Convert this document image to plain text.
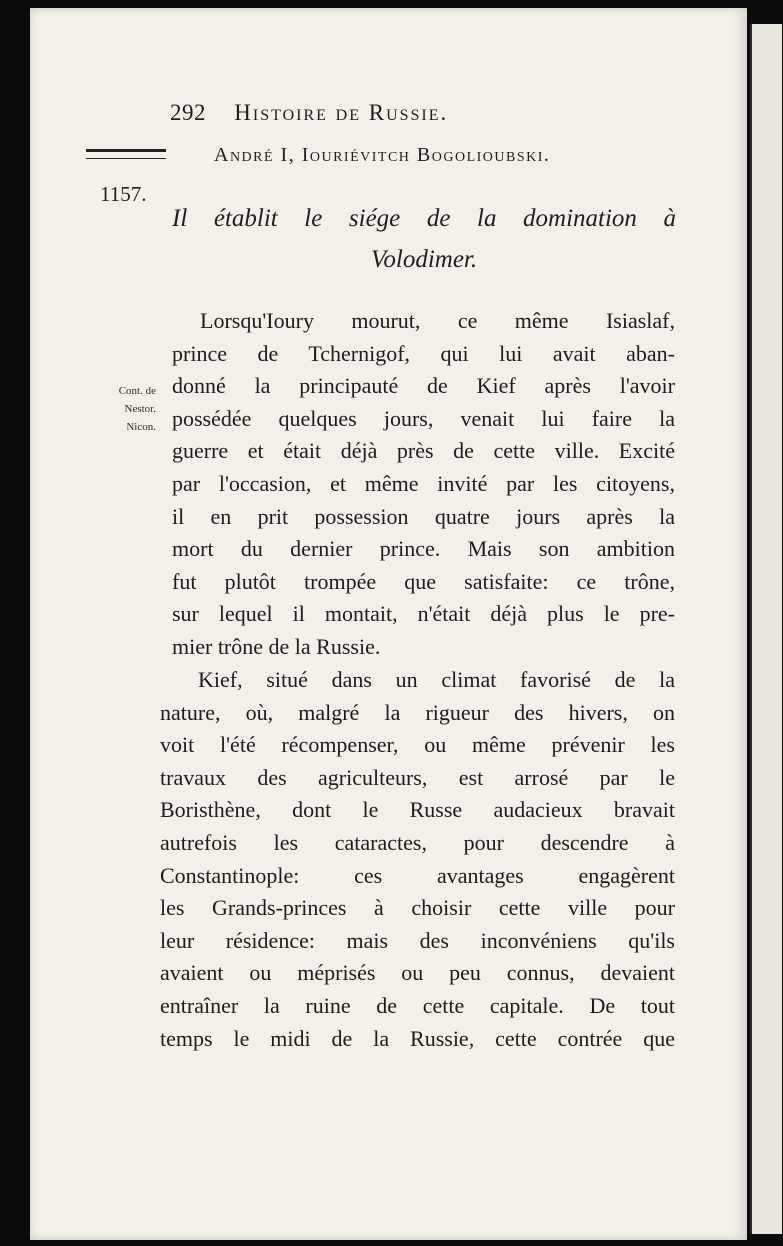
292 Histoire de Russie.
André I, Iouriévitch Bogolioubski.
1157.
Il établit le siége de la domination à
Volodimer.
Cont. de
Nestor.
Nicon.
Lorsqu'Ioury mourut, ce même Isiaslaf,
prince de Tchernigof, qui lui avait aban-
donné la principauté de Kief après l'avoir
possédée quelques jours, venait lui faire la
guerre et était déjà près de cette ville. Excité
par l'occasion, et même invité par les citoyens,
il en prit possession quatre jours après la
mort du dernier prince. Mais son ambition
fut plutôt trompée que satisfaite: ce trône,
sur lequel il montait, n'était déjà plus le pre-
mier trône de la Russie.
Kief, situé dans un climat favorisé de la
nature, où, malgré la rigueur des hivers, on
voit l'été récompenser, ou même prévenir les
travaux des agriculteurs, est arrosé par le
Boristhène, dont le Russe audacieux bravait
autrefois les cataractes, pour descendre à
Constantinople: ces avantages engagèrent
les Grands-princes à choisir cette ville pour
leur résidence: mais des inconvéniens qu'ils
avaient ou méprisés ou peu connus, devaient
entraîner la ruine de cette capitale. De tout
temps le midi de la Russie, cette contrée que
